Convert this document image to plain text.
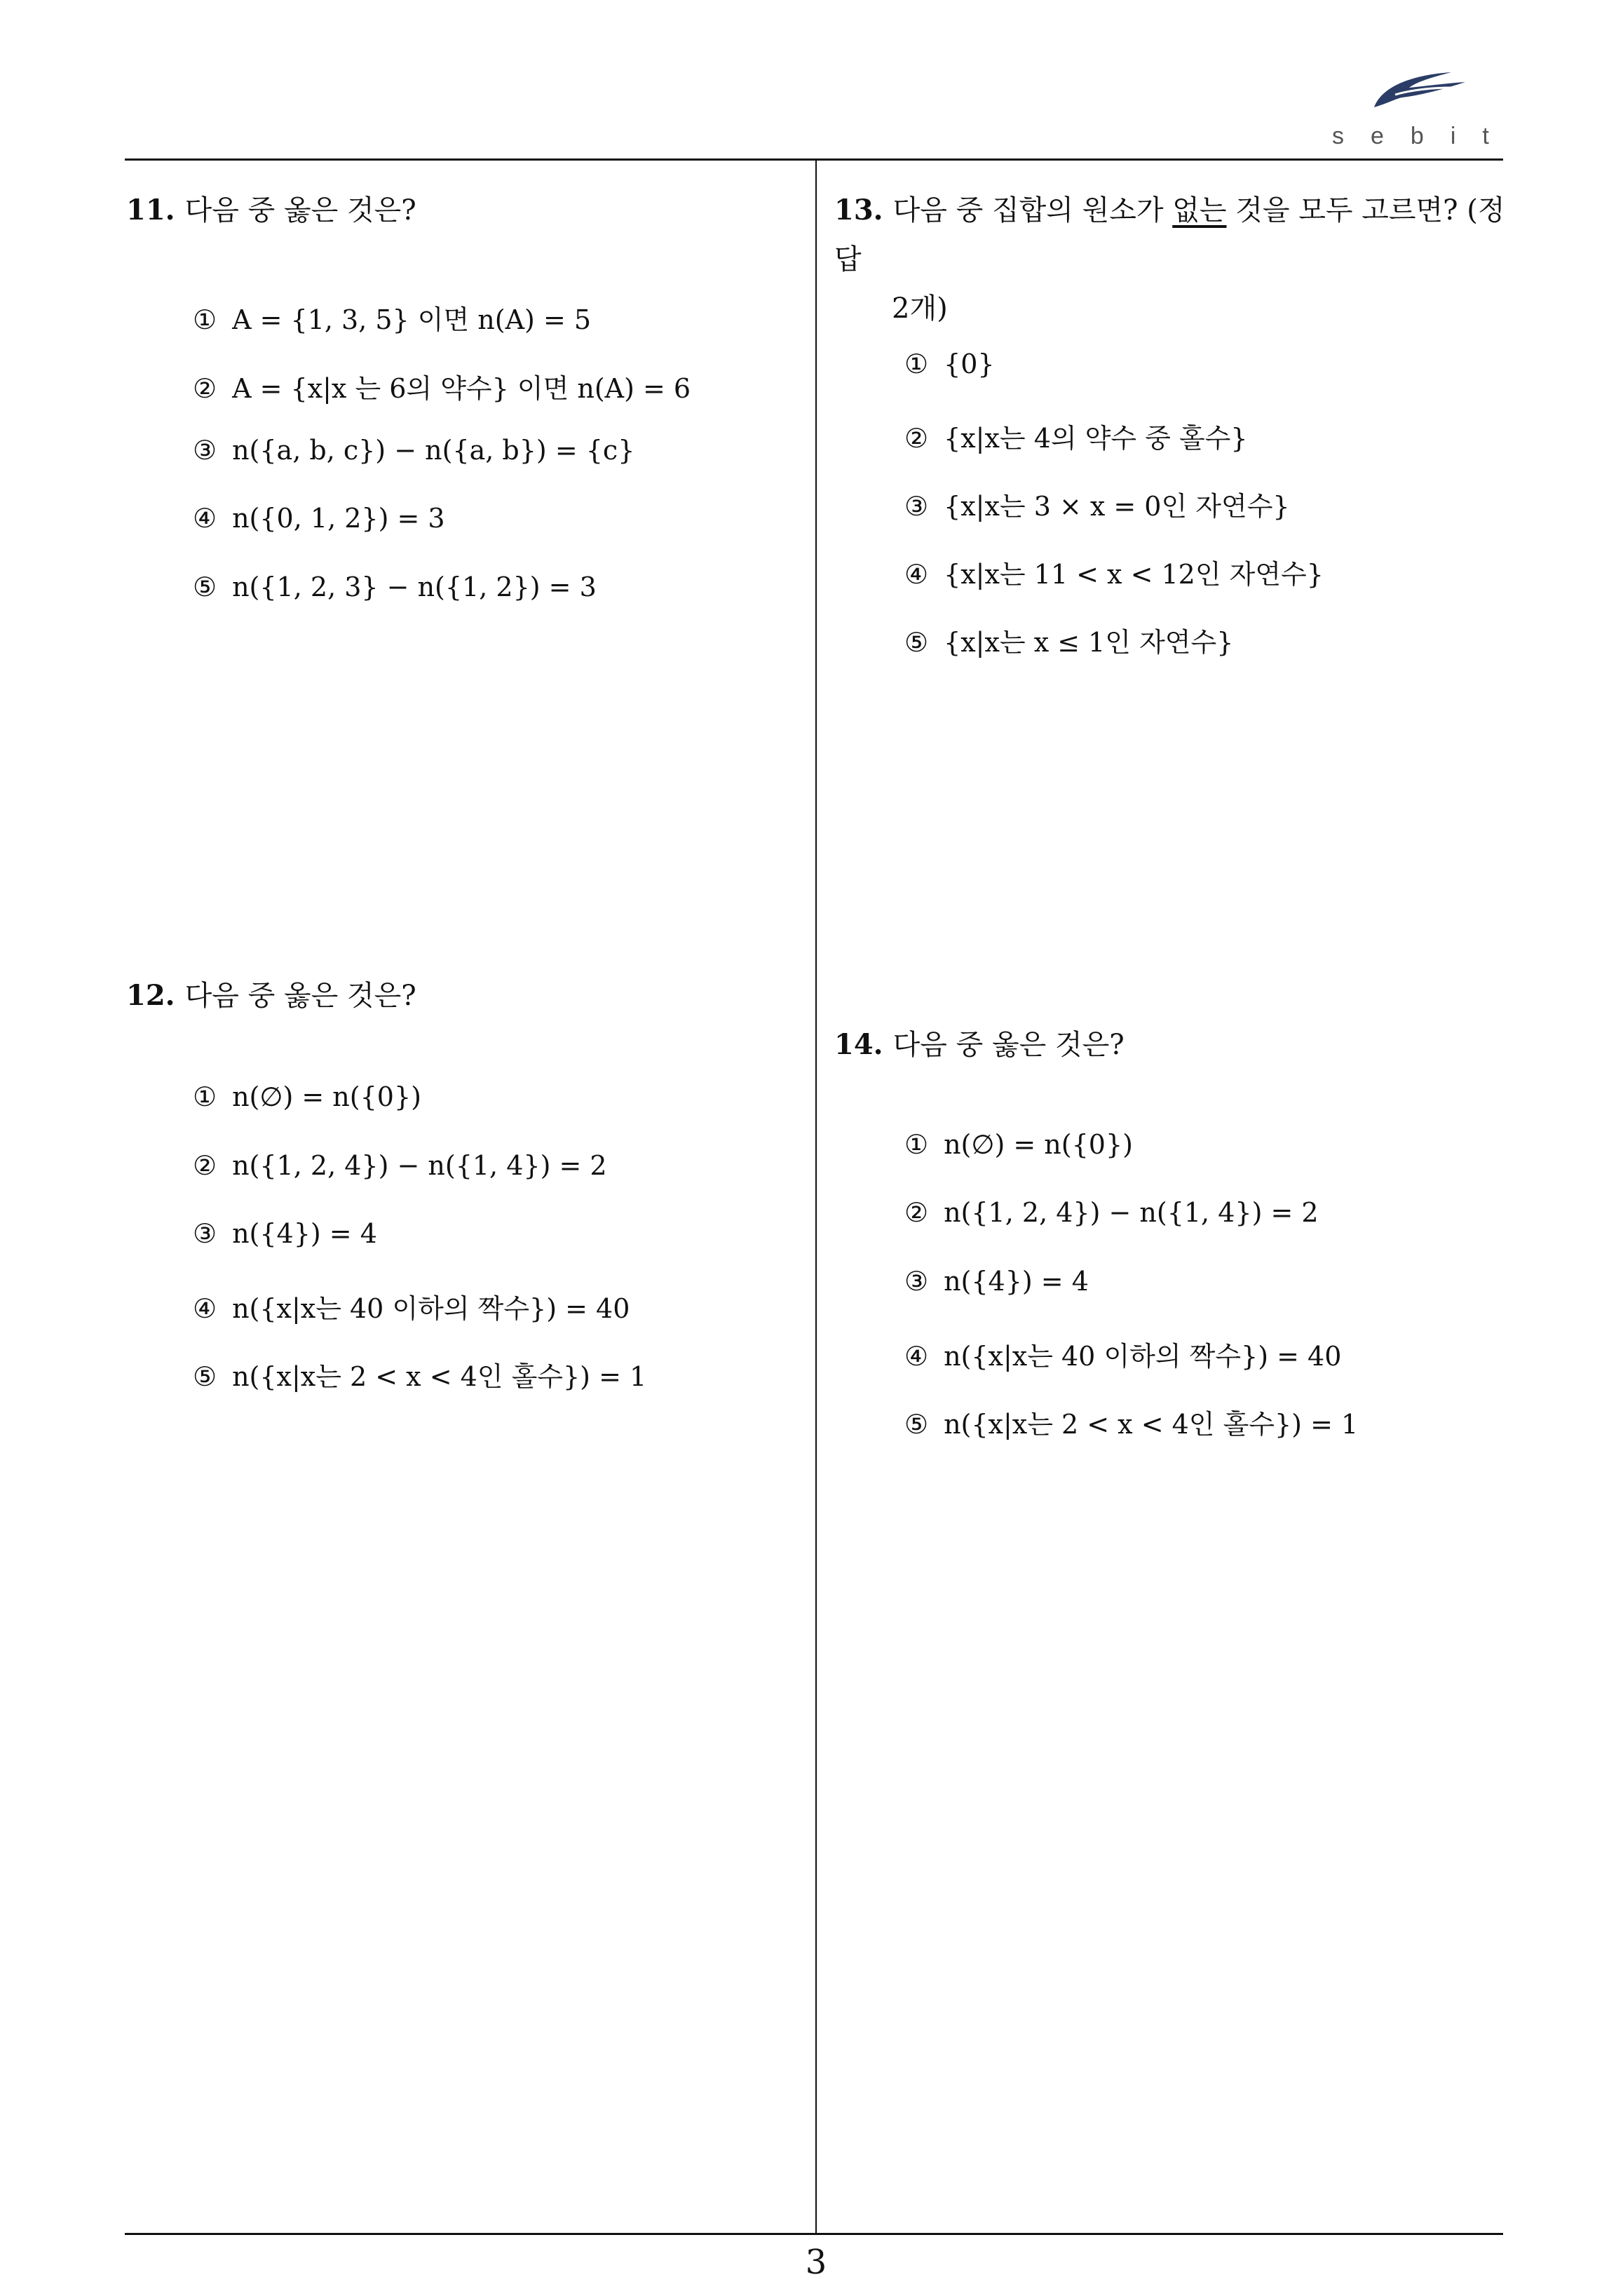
sebit
11. 다음 중 옳은 것은?
① A = {1, 3, 5} 이면 n(A) = 5
② A = {x|x 는 6의 약수} 이면 n(A) = 6
③ n({a, b, c}) − n({a, b}) = {c}
④ n({0, 1, 2}) = 3
⑤ n({1, 2, 3} − n({1, 2}) = 3
12. 다음 중 옳은 것은?
① n(∅) = n({0})
② n({1, 2, 4}) − n({1, 4}) = 2
③ n({4}) = 4
④ n({x|x는 40 이하의 짝수}) = 40
⑤ n({x|x는 2 < x < 4인 홀수}) = 1
13. 다음 중 집합의 원소가 없는 것을 모두 고르면? (정답
2개)
① {0}
② {x|x는 4의 약수 중 홀수}
③ {x|x는 3 × x = 0인 자연수}
④ {x|x는 11 < x < 12인 자연수}
⑤ {x|x는 x ≤ 1인 자연수}
14. 다음 중 옳은 것은?
① n(∅) = n({0})
② n({1, 2, 4}) − n({1, 4}) = 2
③ n({4}) = 4
④ n({x|x는 40 이하의 짝수}) = 40
⑤ n({x|x는 2 < x < 4인 홀수}) = 1
3
